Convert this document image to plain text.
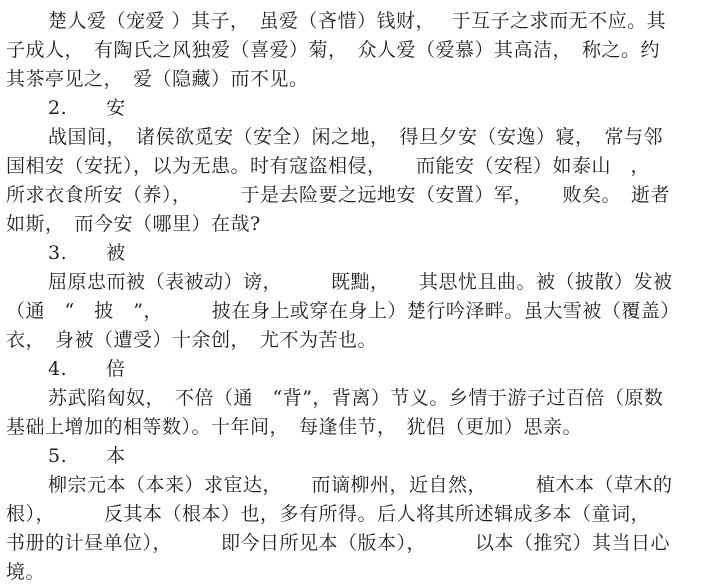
楚人爱（宠爱 ）其子，　虽爱（吝惜）钱财，　 于互子之求而无不应。其
子成人，　有陶氏之风独爱（喜爱）菊，　众人爱（爱慕）其高洁，　称之。约
其茶亭见之，　爱（隐藏）而不见。
2.　　安
战国间，　诸侯欲觅安（安全）闲之地，　得旦夕安（安逸）寝，　常与邻
国相安（安抚），以为无患。时有寇盗相侵，　　而能安（安程）如泰山　，
所求衣食所安（养），　　　于是去险要之远地安（安置）军，　　败矣。　逝者
如斯，　而今安（哪里）在哉?
3.　　被
屈原忠而被（表被动）谤，　　　既黜，　　其思忧且曲。被（披散）发被
（通　“　披　”，　　　披在身上或穿在身上）楚行吟泽畔。虽大雪被（覆盖）
衣，　身被（遭受）十余创，　尤不为苦也。
4.　　倍
苏武陷匈奴，　不倍（通　“背”，背离）节义。乡情于游子过百倍（原数
基础上增加的相等数）。十年间，　每逢佳节，　犹侣（更加）思亲。
5.　　本
柳宗元本（本来）求宦达，　　而谪柳州，近自然，　　　植木本（草木的
根），　　　反其本（根本）也，多有所得。后人将其所述辑成多本（童词，
书册的计昼单位），　　　即今日所见本（版本），　　　以本（推究）其当日心
境。
